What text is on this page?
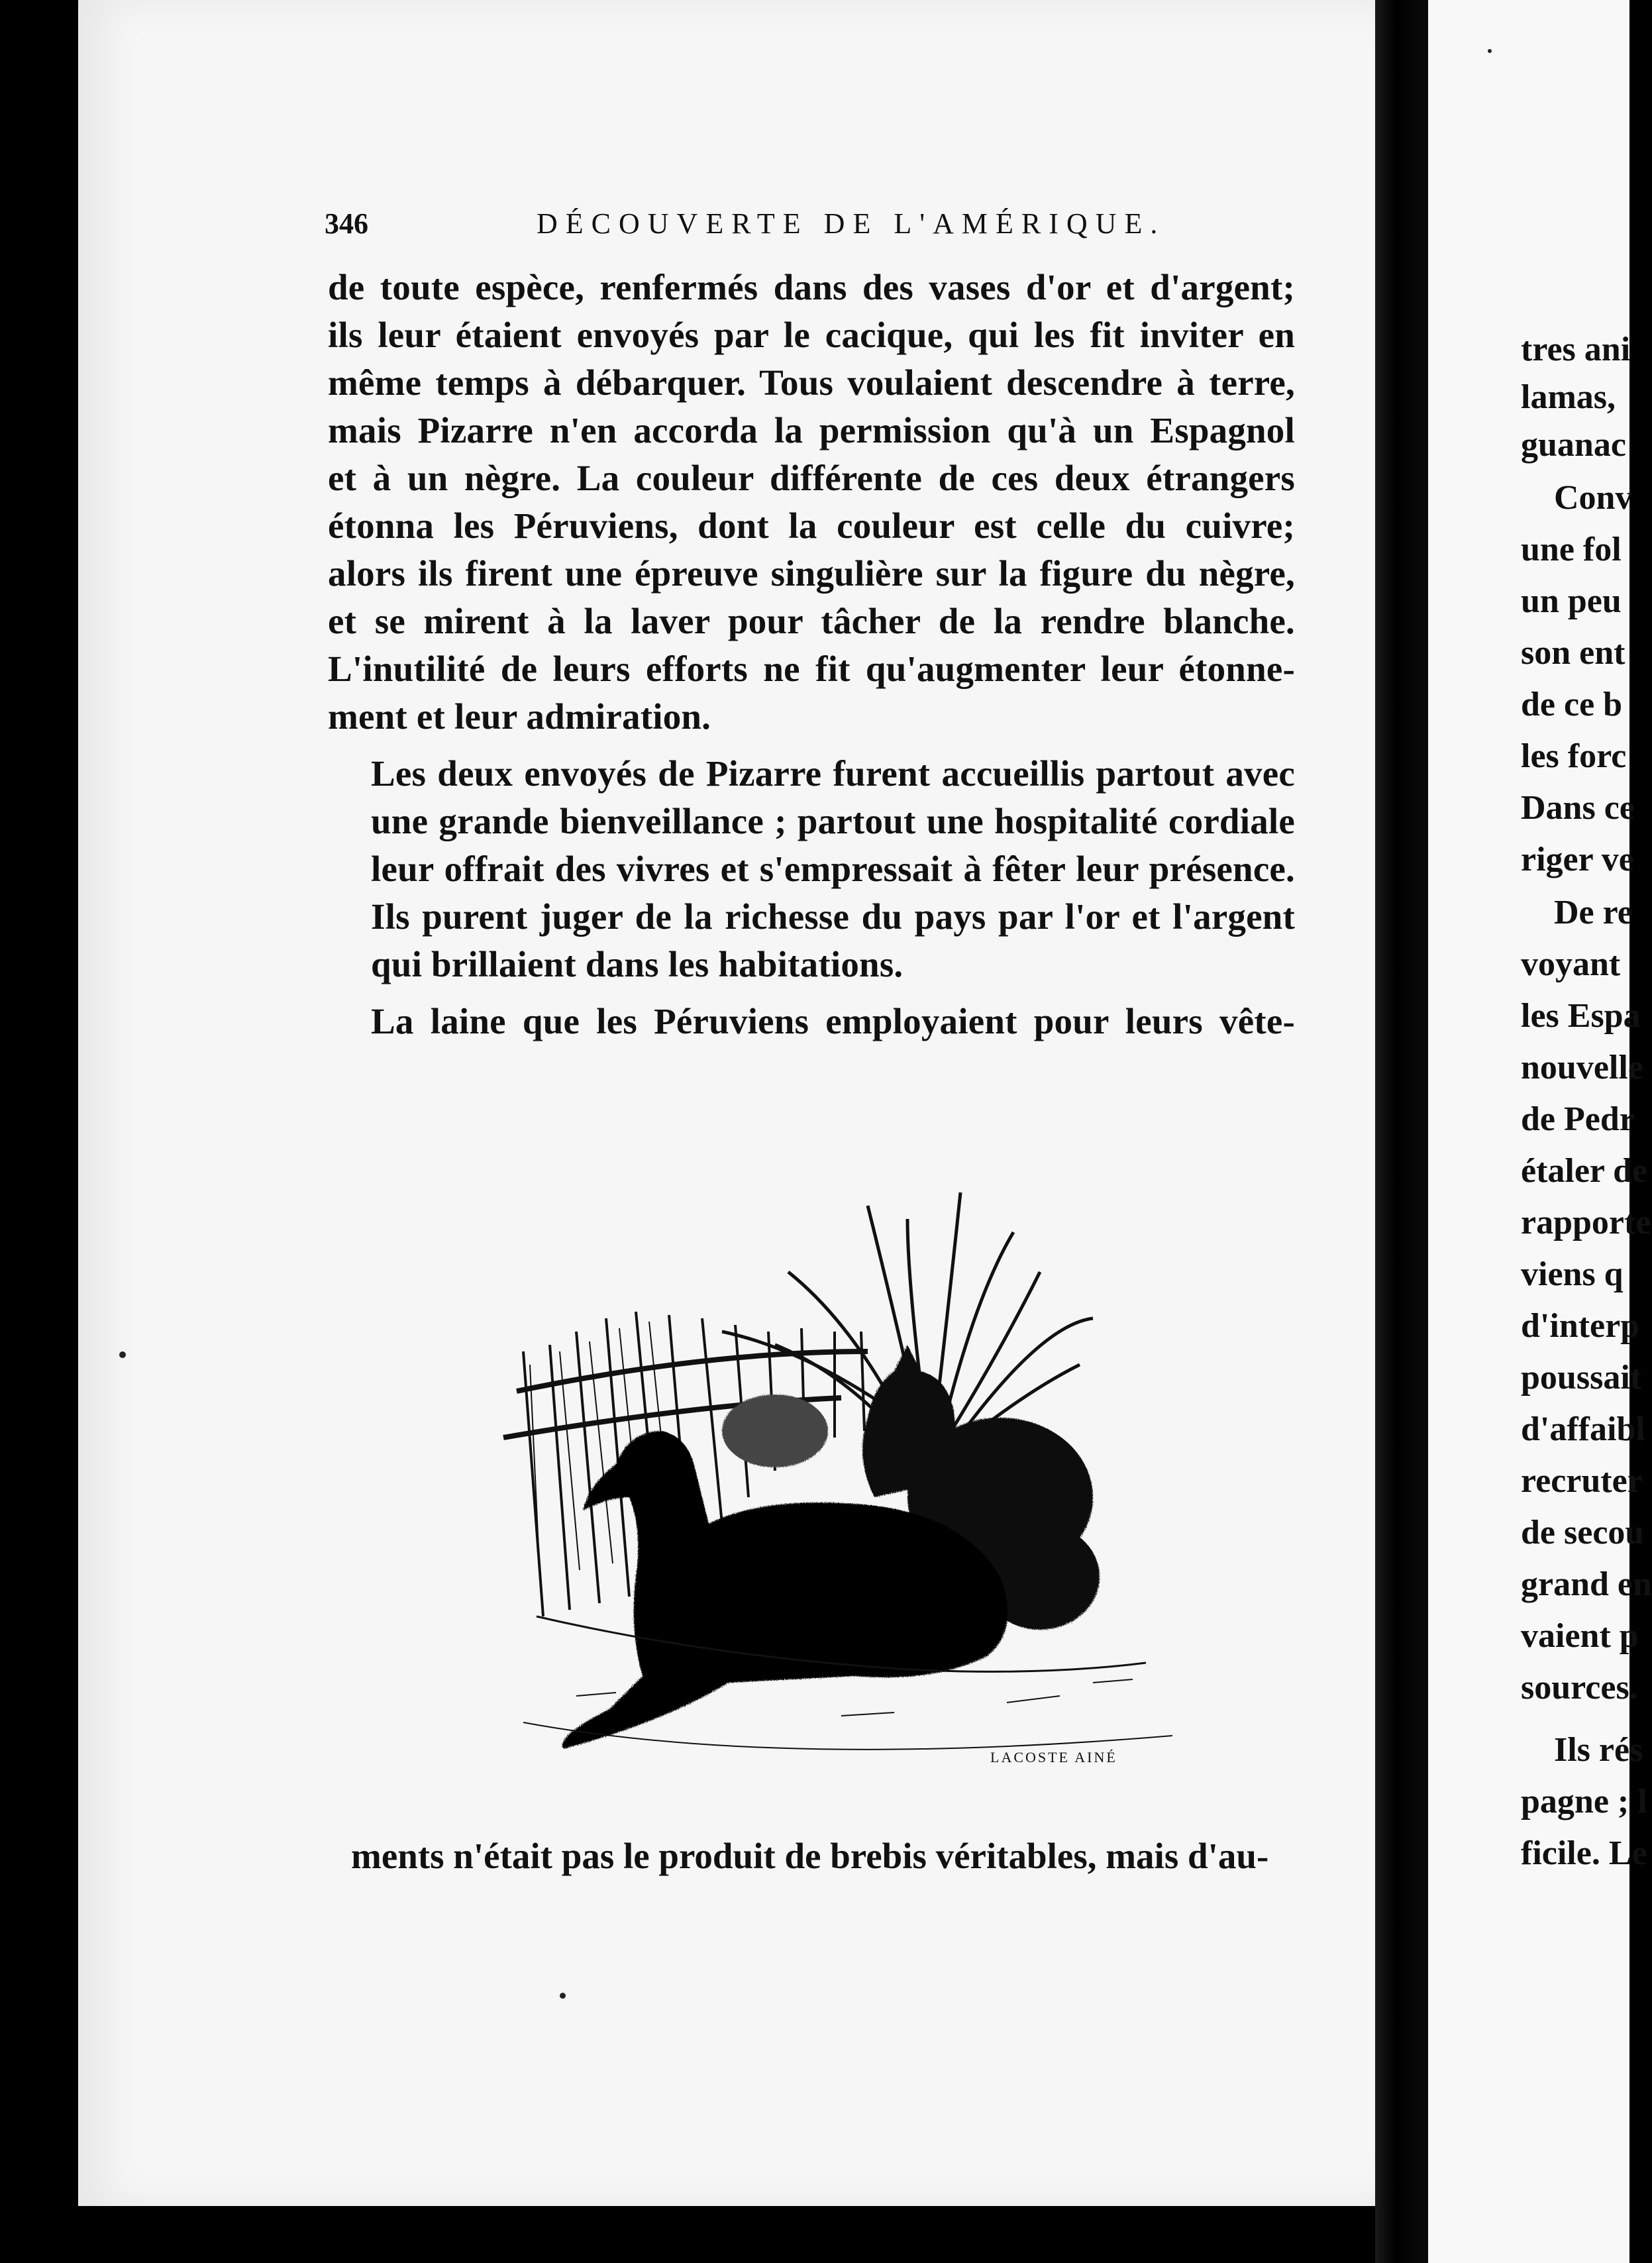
tres ani
lamas,
guanac
Conv
une fol
un peu
son ent
de ce b
les forc
Dans ce
riger ve
De re
voyant
les Espa
nouvelle
de Pedr
étaler de
rapporte
viens q
d'interp
poussait
d'affaibl
recruter
de secou
grand en
vaient p
sources.
Ils rés
pagne ; l
ficile. Le
346	DÉCOUVERTE DE L'AMÉRIQUE.

de toute espèce, renfermés dans des vases d'or et d'argent;
ils leur étaient envoyés par le cacique, qui les fit inviter en
même temps à débarquer. Tous voulaient descendre à terre,
mais Pizarre n'en accorda la permission qu'à un Espagnol
et à un nègre. La couleur différente de ces deux étrangers
étonna les Péruviens, dont la couleur est celle du cuivre;
alors ils firent une épreuve singulière sur la figure du nègre,
et se mirent à la laver pour tâcher de la rendre blanche.
L'inutilité de leurs efforts ne fit qu'augmenter leur étonne-
ment et leur admiration.

Les deux envoyés de Pizarre furent accueillis partout avec
une grande bienveillance ; partout une hospitalité cordiale
leur offrait des vivres et s'empressait à fêter leur présence.
Ils purent juger de la richesse du pays par l'or et l'argent
qui brillaient dans les habitations.

La laine que les Péruviens employaient pour leurs vête-

LACOSTE AINÉ
ments n'était pas le produit de brebis véritables, mais d'au-
